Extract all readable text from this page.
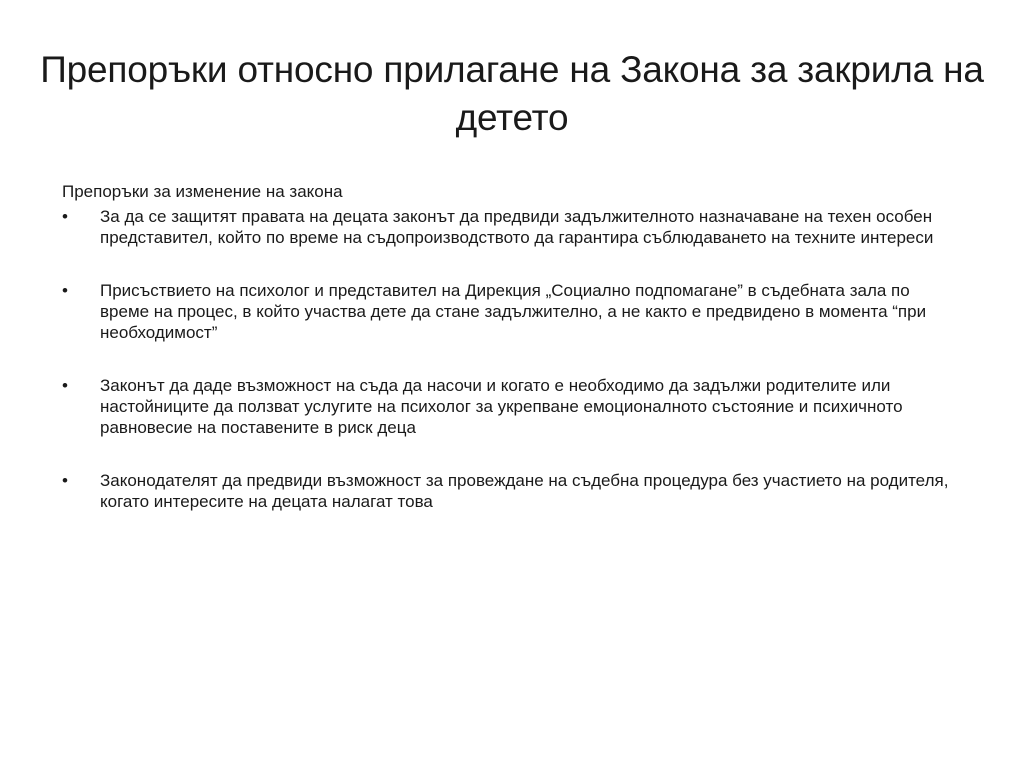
Препоръки относно прилагане на Закона за закрила на детето
Препоръки за изменение на закона
•	За да се защитят правата на децата законът да предвиди задължителното назначаване на техен особен представител, който по време на съдопроизводството да гарантира съблюдаването на техните интереси
•	Присъствието на психолог и представител на Дирекция „Социално подпомагане” в съдебната зала по време на процес, в който участва дете да стане задължително, а не както е предвидено в момента “при необходимост”
•	Законът да даде възможност на съда да насочи и когато е необходимо да задължи родителите или настойниците да ползват услугите на психолог за укрепване емоционалното състояние и психичното равновесие на поставените в риск деца
•	Законодателят да предвиди възможност за провеждане на съдебна процедура без участието на родителя, когато интересите на децата налагат това
